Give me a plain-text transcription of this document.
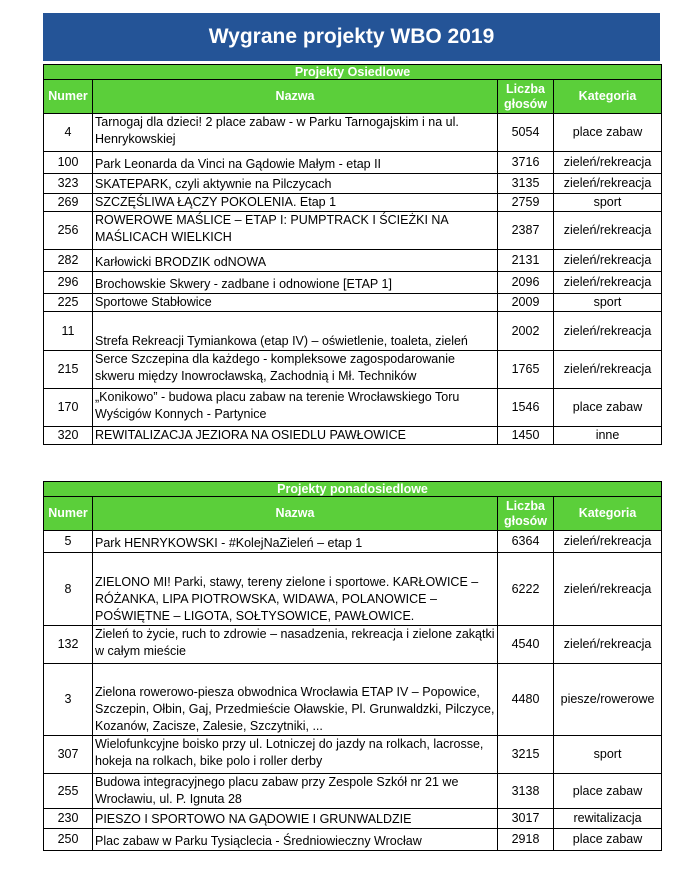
Wygrane projekty WBO 2019
Projekty Osiedlowe			
Numer	Nazwa	Liczba głosów	Kategoria
4	Tarnogaj dla dzieci! 2 place zabaw - w Parku Tarnogajskim i na ul. Henrykowskiej	5054	place zabaw
100	Park Leonarda da Vinci na Gądowie Małym - etap II	3716	zieleń/rekreacja
323	SKATEPARK, czyli aktywnie na Pilczycach	3135	zieleń/rekreacja
269	SZCZĘŚLIWA ŁĄCZY POKOLENIA. Etap 1	2759	sport
256	ROWEROWE MAŚLICE – ETAP I: PUMPTRACK I ŚCIEŻKI NA MAŚLICACH WIELKICH	2387	zieleń/rekreacja
282	Karłowicki BRODZIK odNOWA	2131	zieleń/rekreacja
296	Brochowskie Skwery - zadbane i odnowione [ETAP 1]	2096	zieleń/rekreacja
225	Sportowe Stabłowice	2009	sport
11	Strefa Rekreacji Tymiankowa (etap IV) – oświetlenie, toaleta, zieleń	2002	zieleń/rekreacja
215	Serce Szczepina dla każdego - kompleksowe zagospodarowanie skweru między Inowrocławską, Zachodnią i Mł. Techników	1765	zieleń/rekreacja
170	„Konikowo” - budowa placu zabaw na terenie Wrocławskiego Toru Wyścigów Konnych - Partynice	1546	place zabaw
320	REWITALIZACJA JEZIORA NA OSIEDLU PAWŁOWICE	1450	inne
Projekty ponadosiedlowe			
Numer	Nazwa	Liczba głosów	Kategoria
5	Park HENRYKOWSKI - #KolejNaZieleń – etap 1	6364	zieleń/rekreacja
8	ZIELONO MI! Parki, stawy, tereny zielone i sportowe. KARŁOWICE – RÓŻANKA, LIPA PIOTROWSKA, WIDAWA, POLANOWICE – POŚWIĘTNE – LIGOTA, SOŁTYSOWICE, PAWŁOWICE.	6222	zieleń/rekreacja
132	Zieleń to życie, ruch to zdrowie – nasadzenia, rekreacja i zielone zakątki w całym mieście	4540	zieleń/rekreacja
3	Zielona rowerowo-piesza obwodnica Wrocławia ETAP IV – Popowice, Szczepin, Ołbin, Gaj, Przedmieście Oławskie, Pl. Grunwaldzki, Pilczyce, Kozanów, Zacisze, Zalesie, Szczytniki, ...	4480	piesze/rowerowe
307	Wielofunkcyjne boisko przy ul. Lotniczej do jazdy na rolkach, lacrosse, hokeja na rolkach, bike polo i roller derby	3215	sport
255	Budowa integracyjnego placu zabaw przy Zespole Szkół nr 21 we Wrocławiu, ul. P. Ignuta 28	3138	place zabaw
230	PIESZO I SPORTOWO NA GĄDOWIE I GRUNWALDZIE	3017	rewitalizacja
250	Plac zabaw w Parku Tysiąclecia - Średniowieczny Wrocław	2918	place zabaw
